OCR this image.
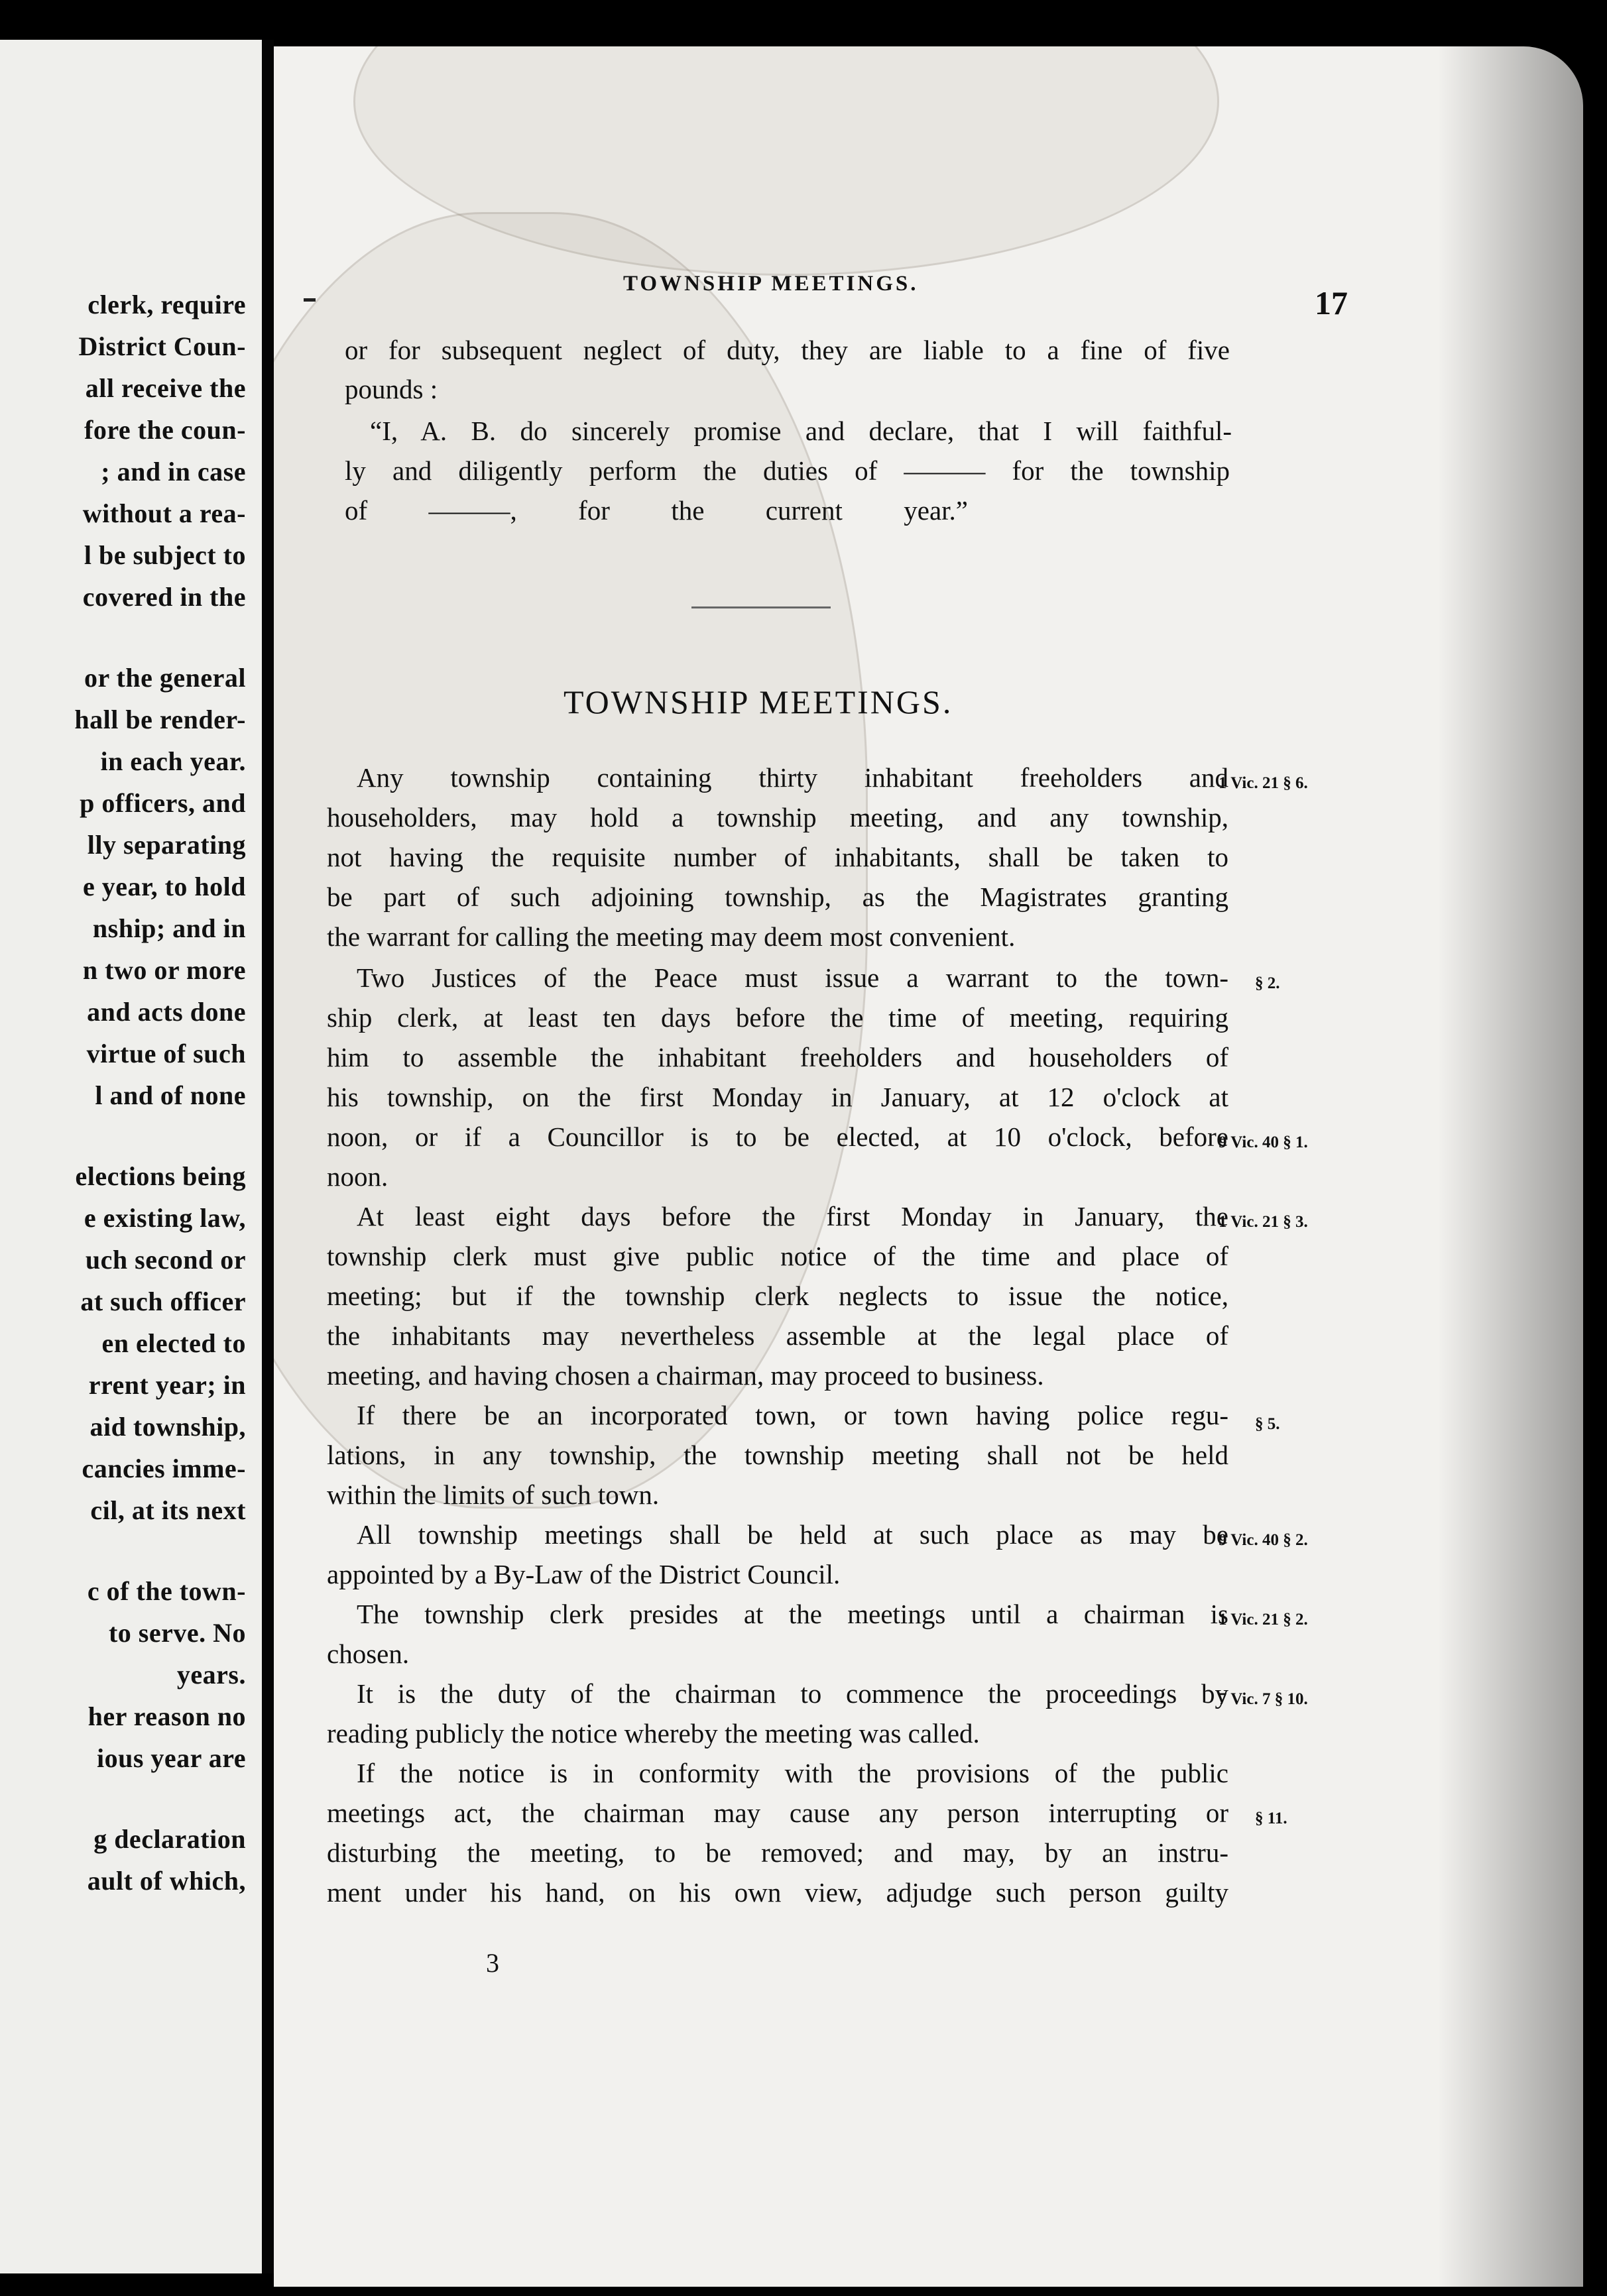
clerk, require
District Coun-
all receive the
fore the coun-
; and in case
without a rea-
l be subject to
covered in the
or the general
hall be render-
in each year.
p officers, and
lly separating
e year, to hold
nship; and in
n two or more
and acts done
virtue of such
l and of none
elections being
e existing law,
uch second or
at such officer
en elected to
rrent year; in
aid township,
cancies imme-
cil, at its next
c of the town-
to serve. No
years.
her reason no
ious year are
g declaration
ault of which,
TOWNSHIP MEETINGS.
17
or for subsequent neglect of duty, they are liable to a fine of five
pounds :
“I, A. B. do sincerely promise and declare, that I will faithful-
ly and diligently perform the duties of ——— for the township
of ———, for the current year.”
TOWNSHIP MEETINGS.
Any township containing thirty inhabitant freeholders and
householders, may hold a township meeting, and any township,
not having the requisite number of inhabitants, shall be taken to
be part of such adjoining township, as the Magistrates granting
the warrant for calling the meeting may deem most convenient.
Two Justices of the Peace must issue a warrant to the town-
ship clerk, at least ten days before the time of meeting, requiring
him to assemble the inhabitant freeholders and householders of
his township, on the first Monday in January, at 12 o'clock at
noon, or if a Councillor is to be elected, at 10 o'clock, before
noon.
At least eight days before the first Monday in January, the
township clerk must give public notice of the time and place of
meeting; but if the township clerk neglects to issue the notice,
the inhabitants may nevertheless assemble at the legal place of
meeting, and having chosen a chairman, may proceed to business.
If there be an incorporated town, or town having police regu-
lations, in any township, the township meeting shall not be held
within the limits of such town.
All township meetings shall be held at such place as may be
appointed by a By-Law of the District Council.
The township clerk presides at the meetings until a chairman is
chosen.
It is the duty of the chairman to commence the proceedings by
reading publicly the notice whereby the meeting was called.
If the notice is in conformity with the provisions of the public
meetings act, the chairman may cause any person interrupting or
disturbing the meeting, to be removed; and may, by an instru-
ment under his hand, on his own view, adjudge such person guilty
1 Vic. 21 § 6.
§ 2.
9 Vic. 40 § 1.
1 Vic. 21 § 3.
§ 5.
9 Vic. 40 § 2.
1 Vic. 21 § 2.
7 Vic. 7 § 10.
§ 11.
3
